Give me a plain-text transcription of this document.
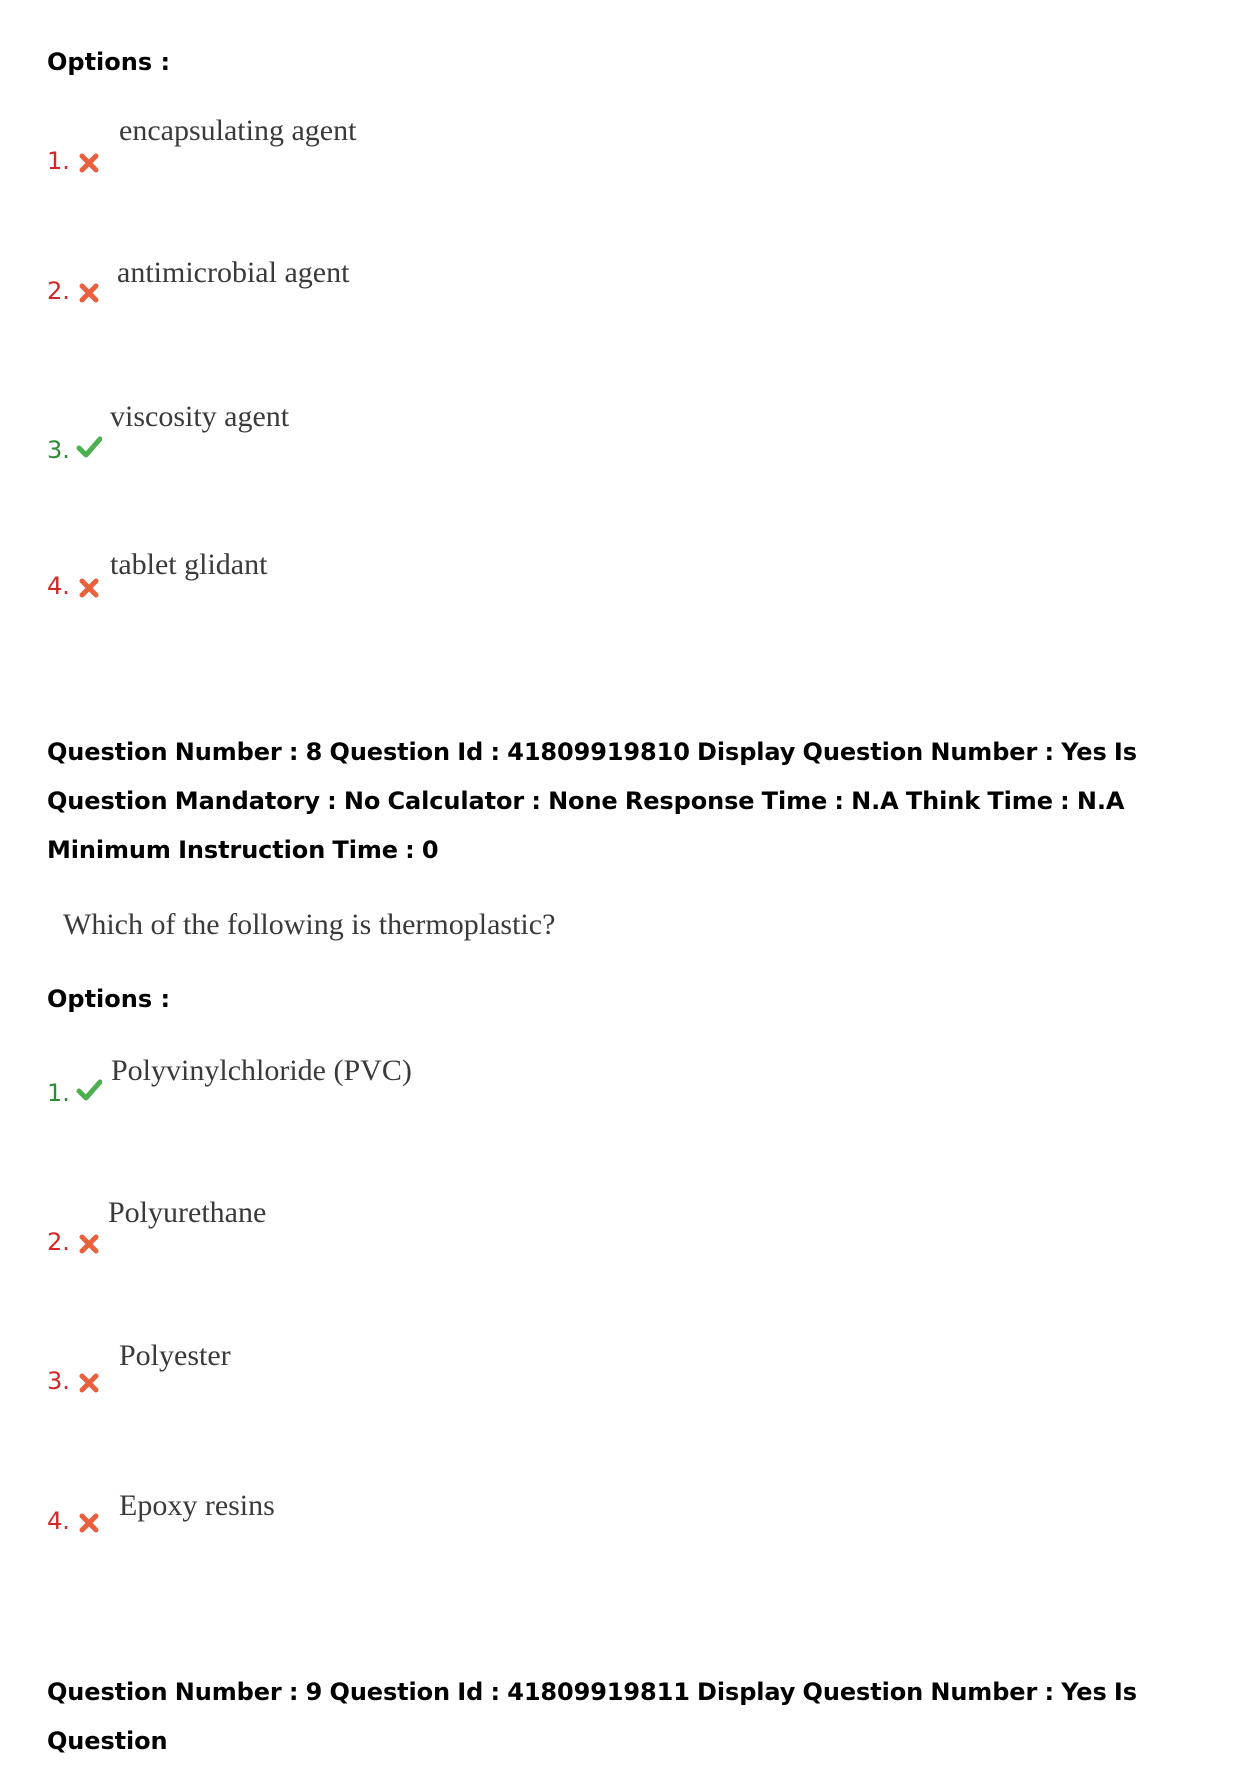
Options :
1.
encapsulating agent
2.
antimicrobial agent
3.
viscosity agent
4.
tablet glidant
Question Number : 8 Question Id : 41809919810 Display Question Number : Yes Is Question Mandatory : No Calculator : None Response Time : N.A Think Time : N.A Minimum Instruction Time : 0
Which of the following is thermoplastic?
Options :
1.
Polyvinylchloride (PVC)
2.
Polyurethane
3.
Polyester
4. Epoxy resins
Question Number : 9 Question Id : 41809919811 Display Question Number : Yes Is Question
